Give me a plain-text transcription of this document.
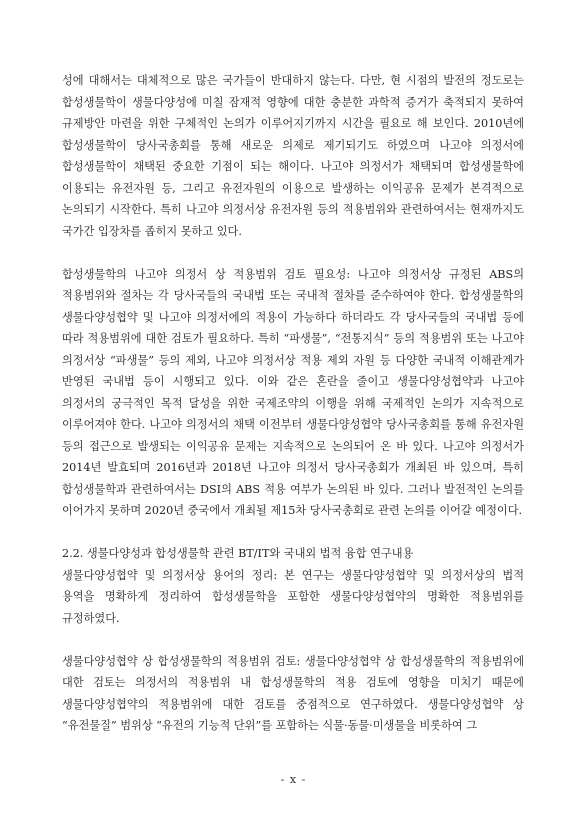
성에 대해서는 대체적으로 많은 국가들이 반대하지 않는다. 다만, 현 시점의 발전의 정도로는 합성생물학이 생물다양성에 미칠 잠재적 영향에 대한 충분한 과학적 증거가 축적되지 못하여 규제방안 마련을 위한 구체적인 논의가 이루어지기까지 시간을 필요로 해 보인다. 2010년에 합성생물학이 당사국총회를 통해 새로운 의제로 제기되기도 하였으며 나고야 의정서에 합성생물학이 채택된 중요한 기점이 되는 해이다. 나고야 의정서가 채택되며 합성생물학에 이용되는 유전자원 등, 그리고 유전자원의 이용으로 발생하는 이익공유 문제가 본격적으로 논의되기 시작한다. 특히 나고야 의정서상 유전자원 등의 적용범위와 관련하여서는 현재까지도 국가간 입장차를 좁히지 못하고 있다.

합성생물학의 나고야 의정서 상 적용범위 검토 필요성: 나고야 의정서상 규정된 ABS의 적용범위와 절차는 각 당사국들의 국내법 또는 국내적 절차를 준수하여야 한다. 합성생물학의 생물다양성협약 및 나고야 의정서에의 적용이 가능하다 하더라도 각 당사국들의 국내법 등에 따라 적용범위에 대한 검토가 필요하다. 특히 “파생물”, “전통지식” 등의 적용범위 또는 나고야 의정서상 “파생물” 등의 제외, 나고야 의정서상 적용 제외 자원 등 다양한 국내적 이해관계가 반영된 국내법 등이 시행되고 있다. 이와 같은 혼란을 줄이고 생물다양성협약과 나고야 의정서의 궁극적인 목적 달성을 위한 국제조약의 이행을 위해 국제적인 논의가 지속적으로 이루어져야 한다. 나고야 의정서의 채택 이전부터 생물다양성협약 당사국총회를 통해 유전자원 등의 접근으로 발생되는 이익공유 문제는 지속적으로 논의되어 온 바 있다. 나고야 의정서가 2014년 발효되며 2016년과 2018년 나고야 의정서 당사국총회가 개최된 바 있으며, 특히 합성생물학과 관련하여서는 DSI의 ABS 적용 여부가 논의된 바 있다. 그러나 발전적인 논의를 이어가지 못하며 2020년 중국에서 개최될 제15차 당사국총회로 관련 논의를 이어갈 예정이다.

2.2. 생물다양성과 합성생물학 관련 BT/IT와 국내외 법적 융합 연구내용

생물다양성협약 및 의정서상 용어의 정리: 본 연구는 생물다양성협약 및 의정서상의 법적 용역을 명확하게 정리하여 합성생물학을 포함한 생물다양성협약의 명확한 적용범위를 규정하였다.

생물다양성협약 상 합성생물학의 적용범위 검토: 생물다양성협약 상 합성생물학의 적용범위에 대한 검토는 의정서의 적용범위 내 합성생물학의 적용 검토에 영향을 미치기 때문에 생물다양성협약의 적용범위에 대한 검토를 중점적으로 연구하였다. 생물다양성협약 상 “유전물질” 범위상 “유전의 기능적 단위”를 포함하는 식물·동물·미생물을 비롯하여 그

- x -
